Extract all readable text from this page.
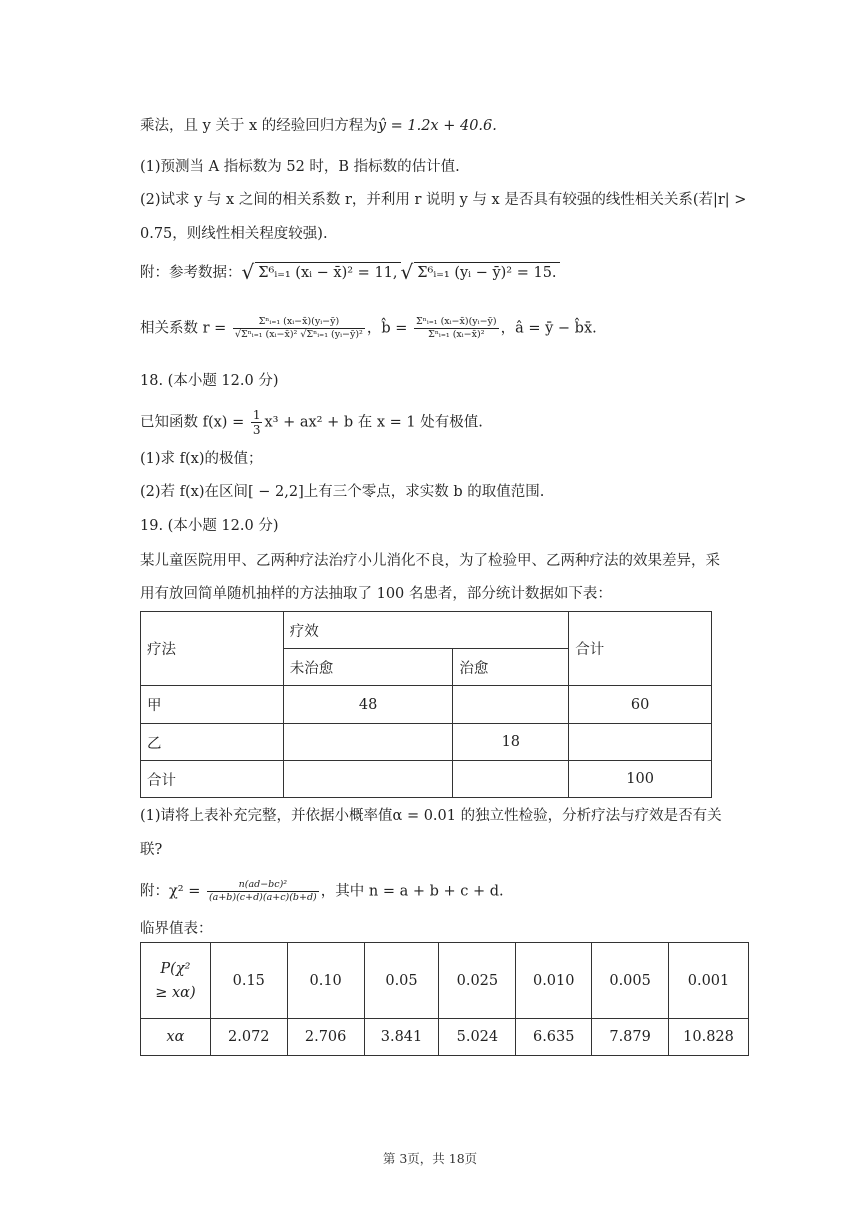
乘法，且 y 关于 x 的经验回归方程为ŷ = 1.2x + 40.6.
(1)预测当 A 指标数为 52 时，B 指标数的估计值.
(2)试求 y 与 x 之间的相关系数 r，并利用 r 说明 y 与 x 是否具有较强的线性相关关系(若|r| >
0.75，则线性相关程度较强).
附：参考数据：√ Σ⁶ᵢ₌₁ (xᵢ − x̄)² = 11, √ Σ⁶ᵢ₌₁ (yᵢ − ȳ)² = 15.
相关系数 $r = \frac{\text{Σⁿᵢ₌₁ (xᵢ−x̄)(yᵢ−ȳ)}}{\text{√Σⁿᵢ₌₁ (xᵢ−x̄)² √Σⁿᵢ₌₁ (yᵢ−ȳ)²}}$ ，b̂ = $\frac{\text{Σⁿᵢ₌₁ (xᵢ−x̄)(yᵢ−ȳ)}}{\text{Σⁿᵢ₌₁ (xᵢ−x̄)²}}$ ，â = ȳ − b̂x̄.
18. (本小题 12.0 分)
已知函数 $f(x) = \frac{1}{3} x^3 + ax^2 + b$ 在 x = 1 处有极值.
(1)求 f(x)的极值；
(2)若 f(x)在区间[ − 2,2]上有三个零点，求实数 b 的取值范围.
19. (本小题 12.0 分)
某儿童医院用甲、乙两种疗法治疗小儿消化不良，为了检验甲、乙两种疗法的效果差异，采
用有放回简单随机抽样的方法抽取了 100 名患者，部分统计数据如下表：
疗法	疗效		合计
	未治愈	治愈	
甲	48		60
乙		18	
合计			100
(1)请将上表补充完整，并依据小概率值α = 0.01 的独立性检验，分析疗法与疗效是否有关
联?
附：$\chi^2 = \frac{\text{n(ad−bc)²}}{(a+b)(c+d)(a+c)(b+d)}$ ，其中 n = a + b + c + d.
临界值表：
P(χ²
≥ xα)	0.15	0.10	0.05	0.025	0.010	0.005	0.001
xα	2.072	2.706	3.841	5.024	6.635	7.879	10.828
第 3页，共 18页
